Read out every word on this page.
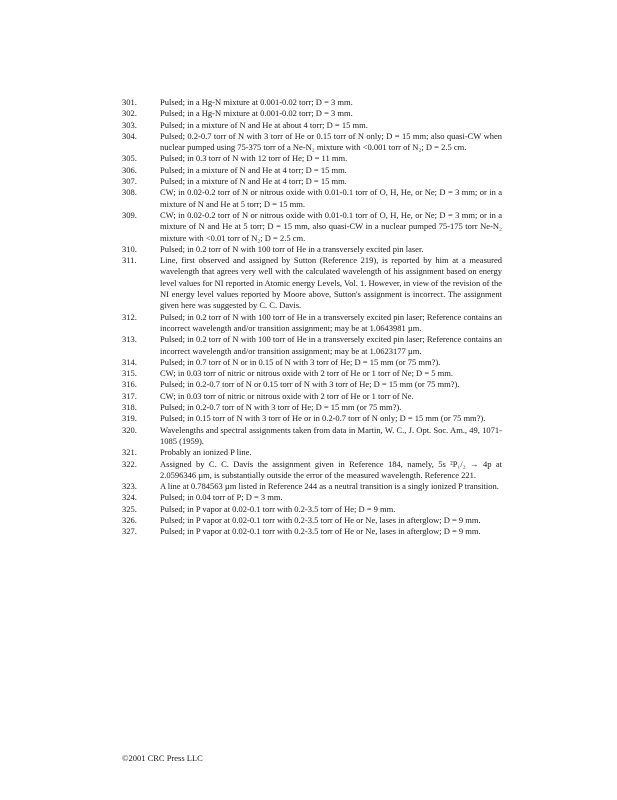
301.	Pulsed; in a Hg-N mixture at 0.001-0.02 torr; D = 3 mm.
302.	Pulsed; in a Hg-N mixture at 0.001-0.02 torr; D = 3 mm.
303.	Pulsed; in a mixture of N and He at about 4 torr; D = 15 mm.
304.	Pulsed; 0.2-0.7 torr of N with 3 torr of He or 0.15 torr of N only; D = 15 mm; also quasi-CW when nuclear pumped using 75-375 torr of a Ne-N₂ mixture with <0.001 torr of N₂; D = 2.5 cm.
305.	Pulsed; in 0.3 torr of N with 12 torr of He; D = 11 mm.
306.	Pulsed; in a mixture of N and He at 4 torr; D = 15 mm.
307.	Pulsed; in a mixture of N and He at 4 torr; D = 15 mm.
308.	CW; in 0.02-0.2 torr of N or nitrous oxide with 0.01-0.1 torr of O, H, He, or Ne; D = 3 mm; or in a mixture of N and He at 5 torr; D = 15 mm.
309.	CW; in 0.02-0.2 torr of N or nitrous oxide with 0.01-0.1 torr of O, H, He, or Ne; D = 3 mm; or in a mixture of N and He at 5 torr; D = 15 mm, also quasi-CW in a nuclear pumped 75-175 torr Ne-N₂ mixture with <0.01 torr of N₂; D = 2.5 cm.
310.	Pulsed; in 0.2 torr of N with 100 torr of He in a transversely excited pin laser.
311.	Line, first observed and assigned by Sutton (Reference 219), is reported by him at a measured wavelength that agrees very well with the calculated wavelength of his assignment based on energy level values for NI reported in Atomic energy Levels, Vol. 1. However, in view of the revision of the NI energy level values reported by Moore above, Sutton's assignment is incorrect. The assignment given here was suggested by C. C. Davis.
312.	Pulsed; in 0.2 torr of N with 100 torr of He in a transversely excited pin laser; Reference contains an incorrect wavelength and/or transition assignment; may be at 1.0643981 µm.
313.	Pulsed; in 0.2 torr of N with 100 torr of He in a transversely excited pin laser; Reference contains an incorrect wavelength and/or transition assignment; may be at 1.0623177 µm.
314.	Pulsed; in 0.7 torr of N or in 0.15 of N with 3 torr of He; D = 15 mm (or 75 mm?).
315.	CW; in 0.03 torr of nitric or nitrous oxide with 2 torr of He or 1 torr of Ne; D = 5 mm.
316.	Pulsed; in 0.2-0.7 torr of N or 0.15 torr of N with 3 torr of He; D = 15 mm (or 75 mm?).
317.	CW; in 0.03 torr of nitric or nitrous oxide with 2 torr of He or 1 torr of Ne.
318.	Pulsed; in 0.2-0.7 torr of N with 3 torr of He; D = 15 mm (or 75 mm?).
319.	Pulsed; in 0.15 torr of N with 3 torr of He or in 0.2-0.7 torr of N only; D = 15 mm (or 75 mm?).
320.	Wavelengths and spectral assignments taken from data in Martin, W. C., J. Opt. Soc. Am., 49, 1071-1085 (1959).
321.	Probably an ionized P line.
322.	Assigned by C. C. Davis the assignment given in Reference 184, namely, 5s ²P₁/₂ → 4p at 2.0596346 µm, is substantially outside the error of the measured wavelength. Reference 221.
323.	A line at 0.784563 µm listed in Reference 244 as a neutral transition is a singly ionized P transition.
324.	Pulsed; in 0.04 torr of P; D = 3 mm.
325.	Pulsed; in P vapor at 0.02-0.1 torr with 0.2-3.5 torr of He; D = 9 mm.
326.	Pulsed; in P vapor at 0.02-0.1 torr with 0.2-3.5 torr of He or Ne, lases in afterglow; D = 9 mm.
327.	Pulsed; in P vapor at 0.02-0.1 torr with 0.2-3.5 torr of He or Ne, lases in afterglow; D = 9 mm.
©2001 CRC Press LLC
